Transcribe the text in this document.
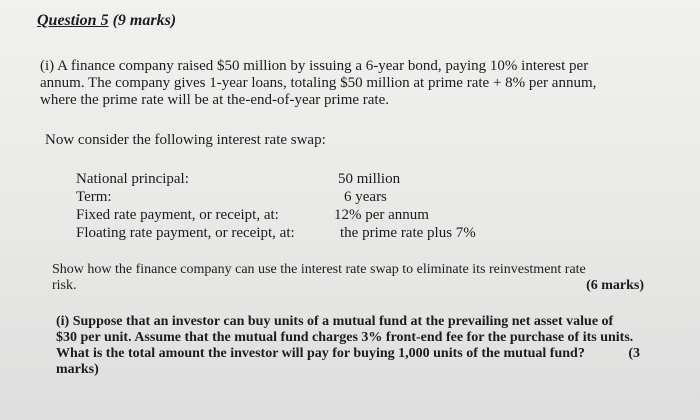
Question 5 (9 marks)
(i) A finance company raised $50 million by issuing a 6-year bond, paying 10% interest per
annum. The company gives 1-year loans, totaling $50 million at prime rate + 8% per annum,
where the prime rate will be at the-end-of-year prime rate.
Now consider the following interest rate swap:
National principal:	50 million
Term:	6 years
Fixed rate payment, or receipt, at:	12% per annum
Floating rate payment, or receipt, at:	the prime rate plus 7%
Show how the finance company can use the interest rate swap to eliminate its reinvestment rate
risk.	(6 marks)
(i) Suppose that an investor can buy units of a mutual fund at the prevailing net asset value of
$30 per unit. Assume that the mutual fund charges 3% front-end fee for the purchase of its units.
What is the total amount the investor will pay for buying 1,000 units of the mutual fund?	(3
marks)
